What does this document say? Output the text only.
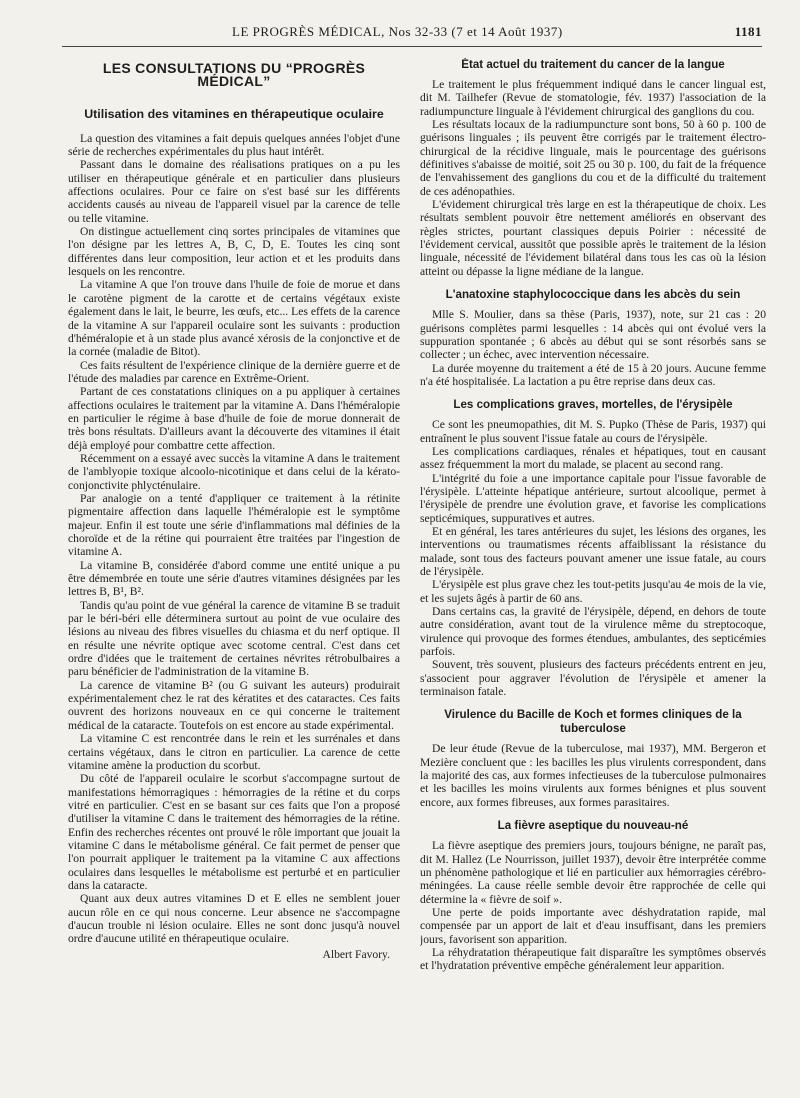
LE PROGRÈS MÉDICAL, Nos 32-33 (7 et 14 Août 1937)	1181
LES CONSULTATIONS DU “PROGRÈS MÉDICAL”
Utilisation des vitamines en thérapeutique oculaire

La question des vitamines a fait depuis quelques années l'objet d'une série de recherches expérimentales du plus haut intérêt.

Passant dans le domaine des réalisations pratiques on a pu les utiliser en thérapeutique générale et en particulier dans plusieurs affections oculaires. Pour ce faire on s'est basé sur les différents accidents causés au niveau de l'appareil visuel par la carence de telle ou telle vitamine.

On distingue actuellement cinq sortes principales de vitamines que l'on désigne par les lettres A, B, C, D, E. Toutes les cinq sont différentes dans leur composition, leur action et et les produits dans lesquels on les rencontre.

La vitamine A que l'on trouve dans l'huile de foie de morue et dans le carotène pigment de la carotte et de certains végétaux existe également dans le lait, le beurre, les œufs, etc... Les effets de la carence de la vitamine A sur l'appareil oculaire sont les suivants : production d'héméralopie et à un stade plus avancé xérosis de la conjonctive et de la cornée (maladie de Bitot).

Ces faits résultent de l'expérience clinique de la dernière guerre et de l'étude des maladies par carence en Extrême-Orient.

Partant de ces constatations cliniques on a pu appliquer à certaines affections oculaires le traitement par la vitamine A. Dans l'héméralopie en particulier le régime à base d'huile de foie de morue donnerait de très bons résultats. D'ailleurs avant la découverte des vitamines il était déjà employé pour combattre cette affection.

Récemment on a essayé avec succès la vitamine A dans le traitement de l'amblyopie toxique alcoolo-nicotinique et dans celui de la kérato-conjonctivite phlycténulaire.

Par analogie on a tenté d'appliquer ce traitement à la rétinite pigmentaire affection dans laquelle l'héméralopie est le symptôme majeur. Enfin il est toute une série d'inflammations mal définies de la choroïde et de la rétine qui pourraient être traitées par l'ingestion de vitamine A.

La vitamine B, considérée d'abord comme une entité unique a pu être démembrée en toute une série d'autres vitamines désignées par les lettres B, B¹, B².

Tandis qu'au point de vue général la carence de vitamine B se traduit par le béri-béri elle déterminera surtout au point de vue oculaire des lésions au niveau des fibres visuelles du chiasma et du nerf optique. Il en résulte une névrite optique avec scotome central. C'est dans cet ordre d'idées que le traitement de certaines névrites rétrobulbaires a paru bénéficier de l'administration de la vitamine B.

La carence de vitamine B² (ou G suivant les auteurs) produirait expérimentalement chez le rat des kératites et des cataractes. Ces faits ouvrent des horizons nouveaux en ce qui concerne le traitement médical de la cataracte. Toutefois on est encore au stade expérimental.

La vitamine C est rencontrée dans le rein et les surrénales et dans certains végétaux, dans le citron en particulier. La carence de cette vitamine amène la production du scorbut.

Du côté de l'appareil oculaire le scorbut s'accompagne surtout de manifestations hémorragiques : hémorragies de la rétine et du corps vitré en particulier. C'est en se basant sur ces faits que l'on a proposé d'utiliser la vitamine C dans le traitement des hémorragies de la rétine. Enfin des recherches récentes ont prouvé le rôle important que jouait la vitamine C dans le métabolisme général. Ce fait permet de penser que l'on pourrait appliquer le traitement pa la vitamine C aux affections oculaires dans lesquelles le métabolisme est perturbé et en particulier dans la cataracte.

Quant aux deux autres vitamines D et E elles ne semblent jouer aucun rôle en ce qui nous concerne. Leur absence ne s'accompagne d'aucun trouble ni lésion oculaire. Elles ne sont donc jusqu'à nouvel ordre d'aucune utilité en thérapeutique oculaire.

Albert Favory.
État actuel du traitement du cancer de la langue

Le traitement le plus fréquemment indiqué dans le cancer lingual est, dit M. Tailhefer (Revue de stomatologie, fév. 1937) l'association de la radiumpuncture linguale à l'évidement chirurgical des ganglions du cou.

Les résultats locaux de la radiumpuncture sont bons, 50 à 60 p. 100 de guérisons linguales ; ils peuvent être corrigés par le traitement électro-chirurgical de la récidive linguale, mais le pourcentage des guérisons définitives s'abaisse de moitié, soit 25 ou 30 p. 100, du fait de la fréquence de l'envahissement des ganglions du cou et de la difficulté du traitement de ces adénopathies.

L'évidement chirurgical très large en est la thérapeutique de choix. Les résultats semblent pouvoir être nettement améliorés en observant des règles strictes, pourtant classiques depuis Poirier : nécessité de l'évidement cervical, aussitôt que possible après le traitement de la lésion linguale, nécessité de l'évidement bilatéral dans tous les cas où la lésion atteint ou dépasse la ligne médiane de la langue.

L'anatoxine staphylococcique dans les abcès du sein

Mlle S. Moulier, dans sa thèse (Paris, 1937), note, sur 21 cas : 20 guérisons complètes parmi lesquelles : 14 abcès qui ont évolué vers la suppuration spontanée ; 6 abcès au début qui se sont résorbés sans se collecter ; un échec, avec intervention nécessaire.

La durée moyenne du traitement a été de 15 à 20 jours. Aucune femme n'a été hospitalisée. La lactation a pu être reprise dans deux cas.

Les complications graves, mortelles, de l'érysipèle

Ce sont les pneumopathies, dit M. S. Pupko (Thèse de Paris, 1937) qui entraînent le plus souvent l'issue fatale au cours de l'érysipèle.

Les complications cardiaques, rénales et hépatiques, tout en causant assez fréquemment la mort du malade, se placent au second rang.

L'intégrité du foie a une importance capitale pour l'issue favorable de l'érysipèle. L'atteinte hépatique antérieure, surtout alcoolique, permet à l'érysipèle de prendre une évolution grave, et favorise les complications septicémiques, suppuratives et autres.

Et en général, les tares antérieures du sujet, les lésions des organes, les interventions ou traumatismes récents affaiblissant la résistance du malade, sont tous des facteurs pouvant amener une issue fatale, au cours de l'érysipèle.

L'érysipèle est plus grave chez les tout-petits jusqu'au 4e mois de la vie, et les sujets âgés à partir de 60 ans.

Dans certains cas, la gravité de l'érysipèle, dépend, en dehors de toute autre considération, avant tout de la virulence même du streptocoque, virulence qui provoque des formes étendues, ambulantes, des septicémies parfois.

Souvent, très souvent, plusieurs des facteurs précédents entrent en jeu, s'associent pour aggraver l'évolution de l'érysipèle et amener la terminaison fatale.

Virulence du Bacille de Koch et formes cliniques de la tuberculose

De leur étude (Revue de la tuberculose, mai 1937), MM. Bergeron et Mezière concluent que : les bacilles les plus virulents correspondent, dans la majorité des cas, aux formes infectieuses de la tuberculose pulmonaires et les bacilles les moins virulents aux formes bénignes et plus souvent encore, aux formes fibreuses, aux formes parasitaires.

La fièvre aseptique du nouveau-né

La fièvre aseptique des premiers jours, toujours bénigne, ne paraît pas, dit M. Hallez (Le Nourrisson, juillet 1937), devoir être interprétée comme un phénomène pathologique et lié en particulier aux hémorragies cérébro-méningées. La cause réelle semble devoir être rapprochée de celle qui détermine la « fièvre de soif ».

Une perte de poids importante avec déshydratation rapide, mal compensée par un apport de lait et d'eau insuffisant, dans les premiers jours, favorisent son apparition.

La réhydratation thérapeutique fait disparaître les symptômes observés et l'hydratation préventive empêche généralement leur apparition.
